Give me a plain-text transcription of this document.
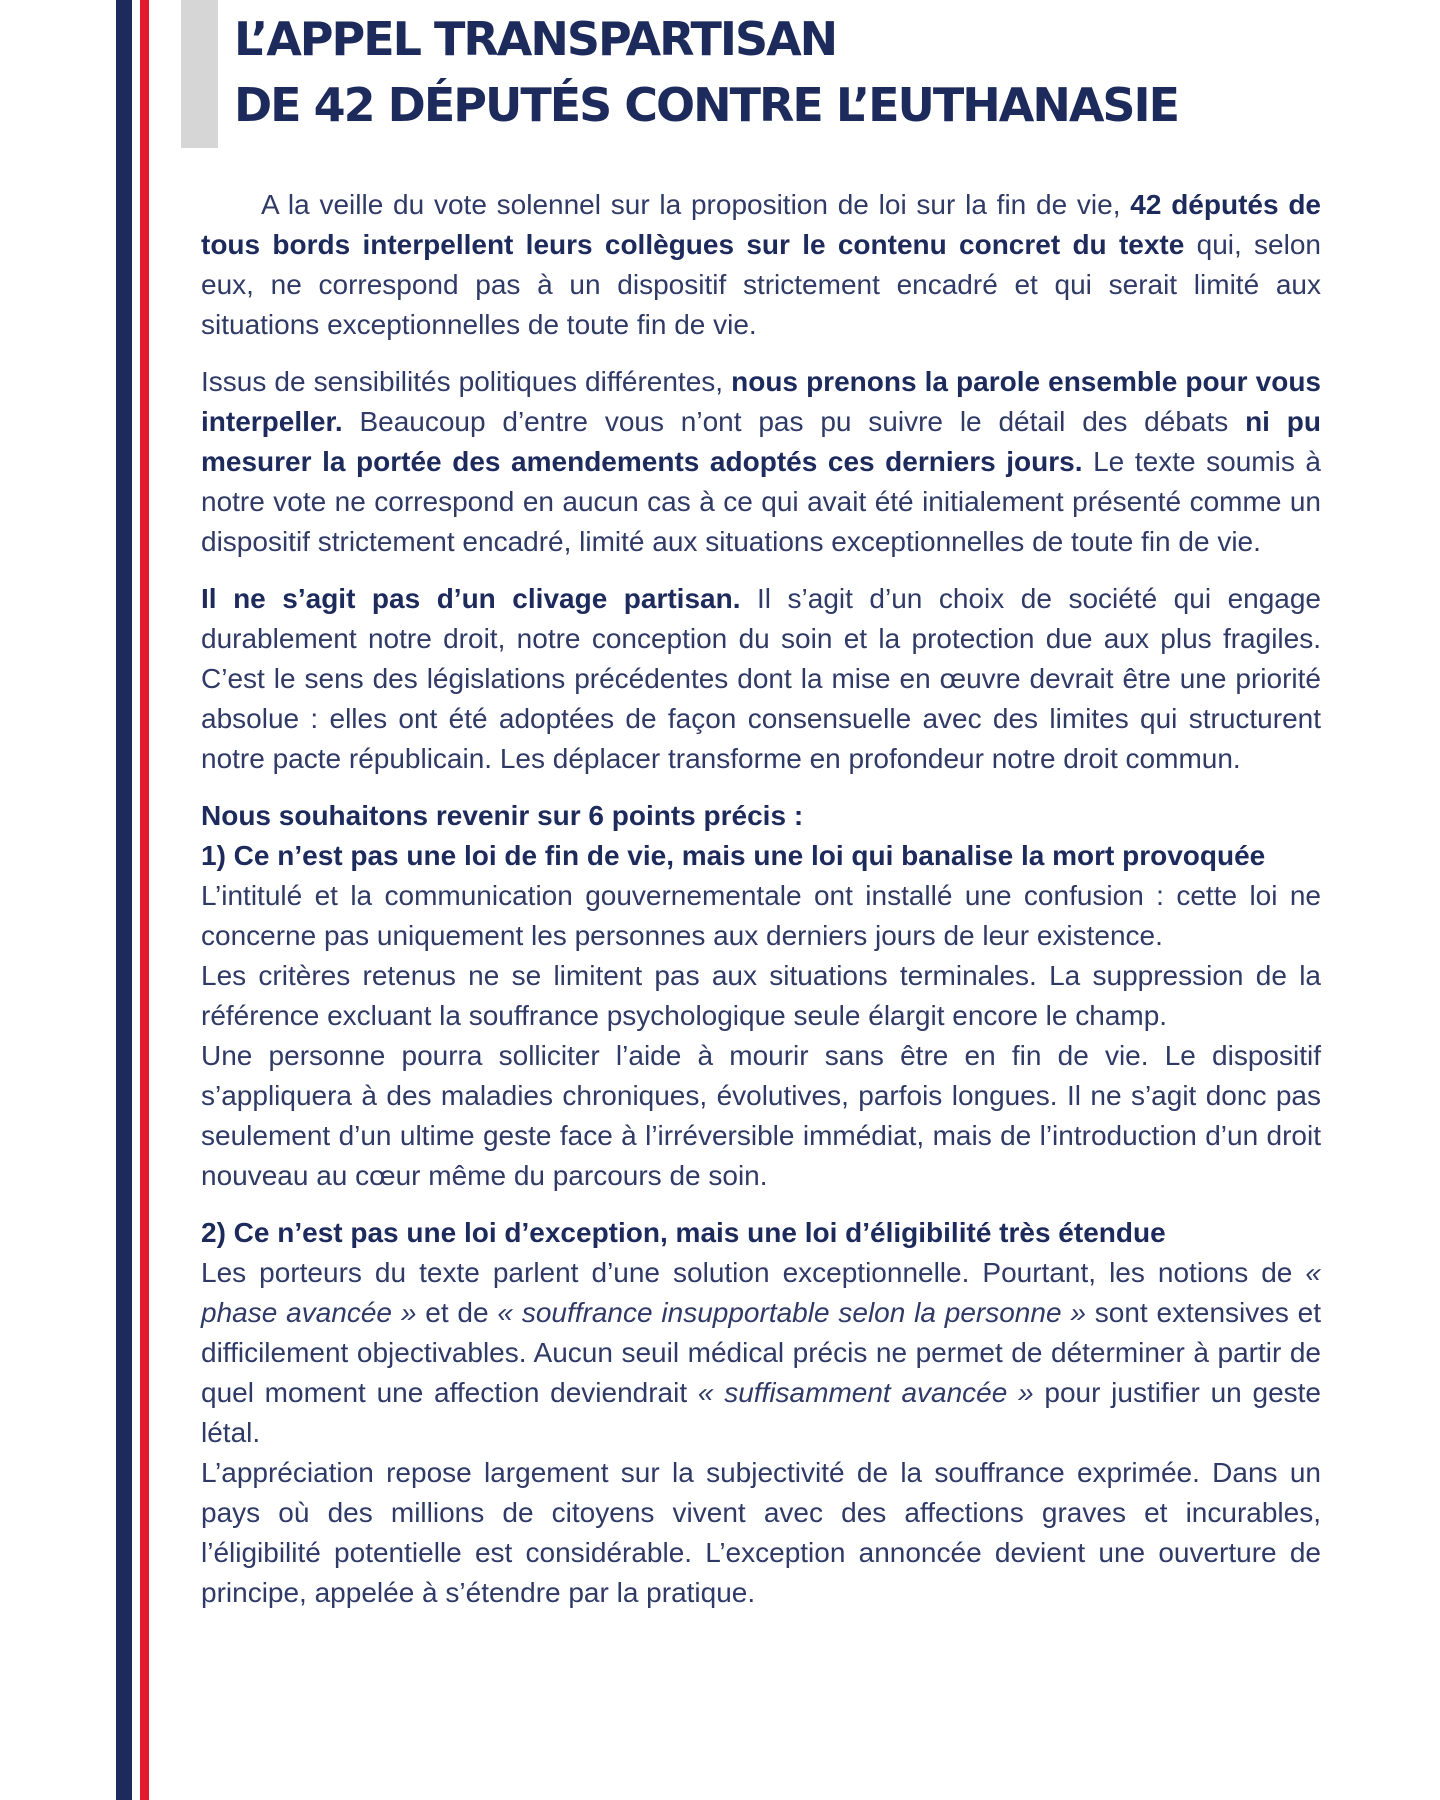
L’APPEL TRANSPARTISAN
DE 42 DÉPUTÉS CONTRE L’EUTHANASIE

A la veille du vote solennel sur la proposition de loi sur la fin de vie, 42 députés de tous bords interpellent leurs collègues sur le contenu concret du texte qui, selon eux, ne correspond pas à un dispositif strictement encadré et qui serait limité aux situations exceptionnelles de toute fin de vie.

Issus de sensibilités politiques différentes, nous prenons la parole ensemble pour vous interpeller. Beaucoup d’entre vous n’ont pas pu suivre le détail des débats ni pu mesurer la portée des amendements adoptés ces derniers jours. Le texte soumis à notre vote ne correspond en aucun cas à ce qui avait été initialement présenté comme un dispositif strictement encadré, limité aux situations exceptionnelles de toute fin de vie.

Il ne s’agit pas d’un clivage partisan. Il s’agit d’un choix de société qui engage durablement notre droit, notre conception du soin et la protection due aux plus fragiles. C’est le sens des législations précédentes dont la mise en œuvre devrait être une priorité absolue : elles ont été adoptées de façon consensuelle avec des limites qui structurent notre pacte républicain. Les déplacer transforme en profondeur notre droit commun.

Nous souhaitons revenir sur 6 points précis :

1) Ce n’est pas une loi de fin de vie, mais une loi qui banalise la mort provoquée

L’intitulé et la communication gouvernementale ont installé une confusion : cette loi ne concerne pas uniquement les personnes aux derniers jours de leur existence.

Les critères retenus ne se limitent pas aux situations terminales. La suppression de la référence excluant la souffrance psychologique seule élargit encore le champ.

Une personne pourra solliciter l’aide à mourir sans être en fin de vie. Le dispositif s’appliquera à des maladies chroniques, évolutives, parfois longues. Il ne s’agit donc pas seulement d’un ultime geste face à l’irréversible immédiat, mais de l’introduction d’un droit nouveau au cœur même du parcours de soin.

2) Ce n’est pas une loi d’exception, mais une loi d’éligibilité très étendue

Les porteurs du texte parlent d’une solution exceptionnelle. Pourtant, les notions de « phase avancée » et de « souffrance insupportable selon la personne » sont extensives et difficilement objectivables. Aucun seuil médical précis ne permet de déterminer à partir de quel moment une affection deviendrait « suffisamment avancée » pour justifier un geste létal.

L’appréciation repose largement sur la subjectivité de la souffrance exprimée. Dans un pays où des millions de citoyens vivent avec des affections graves et incurables, l’éligibilité potentielle est considérable. L’exception annoncée devient une ouverture de principe, appelée à s’étendre par la pratique.
